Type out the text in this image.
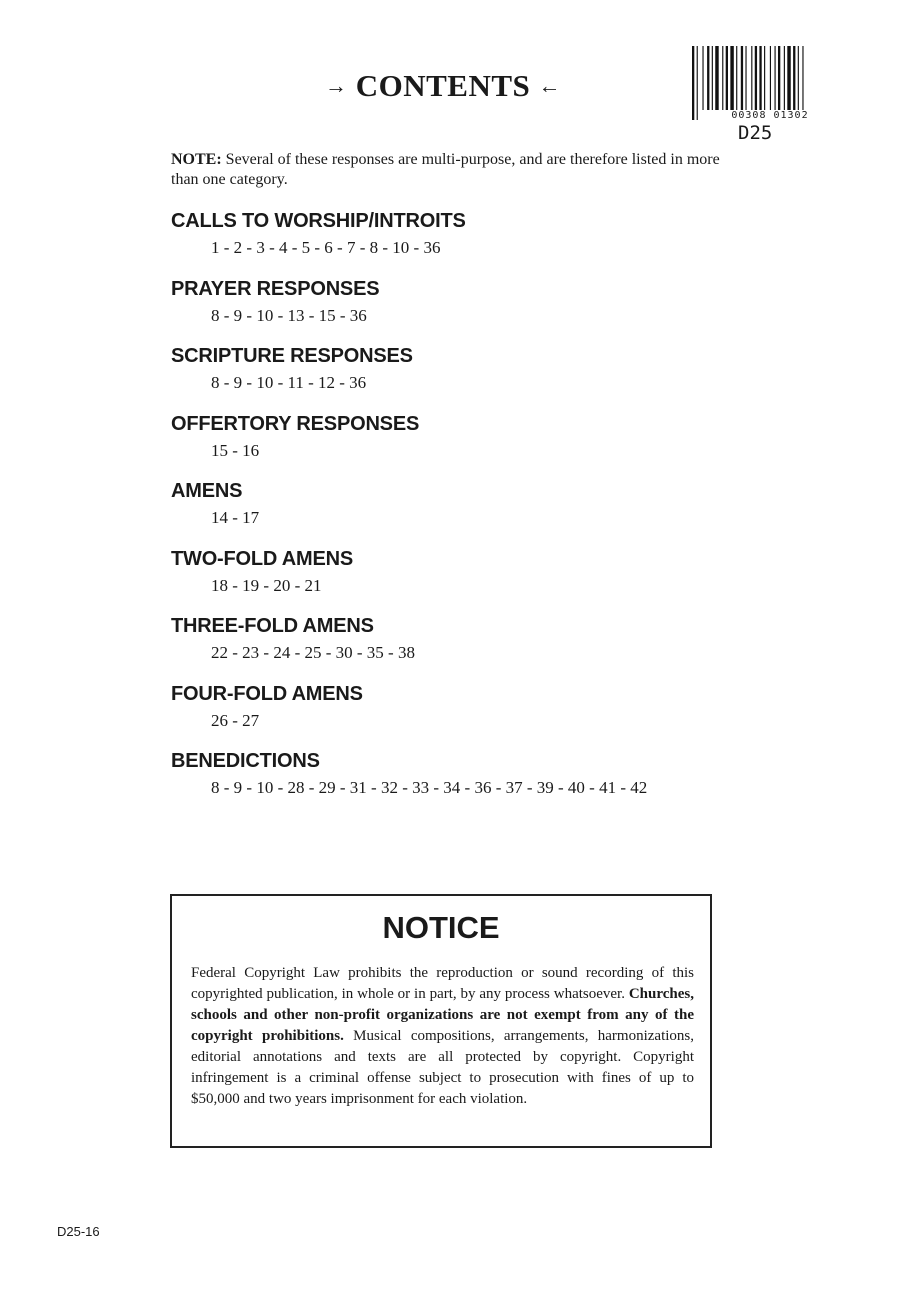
→ CONTENTS ←
00308 01302
D25
NOTE: Several of these responses are multi-purpose, and are therefore listed in more than one category.
CALLS TO WORSHIP/INTROITS
1 - 2 - 3 - 4 - 5 - 6 - 7 - 8 - 10 - 36
PRAYER RESPONSES
8 - 9 - 10 - 13 - 15 - 36
SCRIPTURE RESPONSES
8 - 9 - 10 - 11 - 12 - 36
OFFERTORY RESPONSES
15 - 16
AMENS
14 - 17
TWO-FOLD AMENS
18 - 19 - 20 - 21
THREE-FOLD AMENS
22 - 23 - 24 - 25 - 30 - 35 - 38
FOUR-FOLD AMENS
26 - 27
BENEDICTIONS
8 - 9 - 10 - 28 - 29 - 31 - 32 - 33 - 34 - 36 - 37 - 39 - 40 - 41 - 42
NOTICE
Federal Copyright Law prohibits the reproduction or sound recording of this copyrighted publication, in whole or in part, by any process whatsoever. Churches, schools and other non-profit organizations are not exempt from any of the copyright prohibitions. Musical compositions, arrangements, harmonizations, editorial annotations and texts are all protected by copyright. Copyright infringement is a criminal offense subject to prosecution with fines of up to $50,000 and two years imprisonment for each violation.
D25-16
